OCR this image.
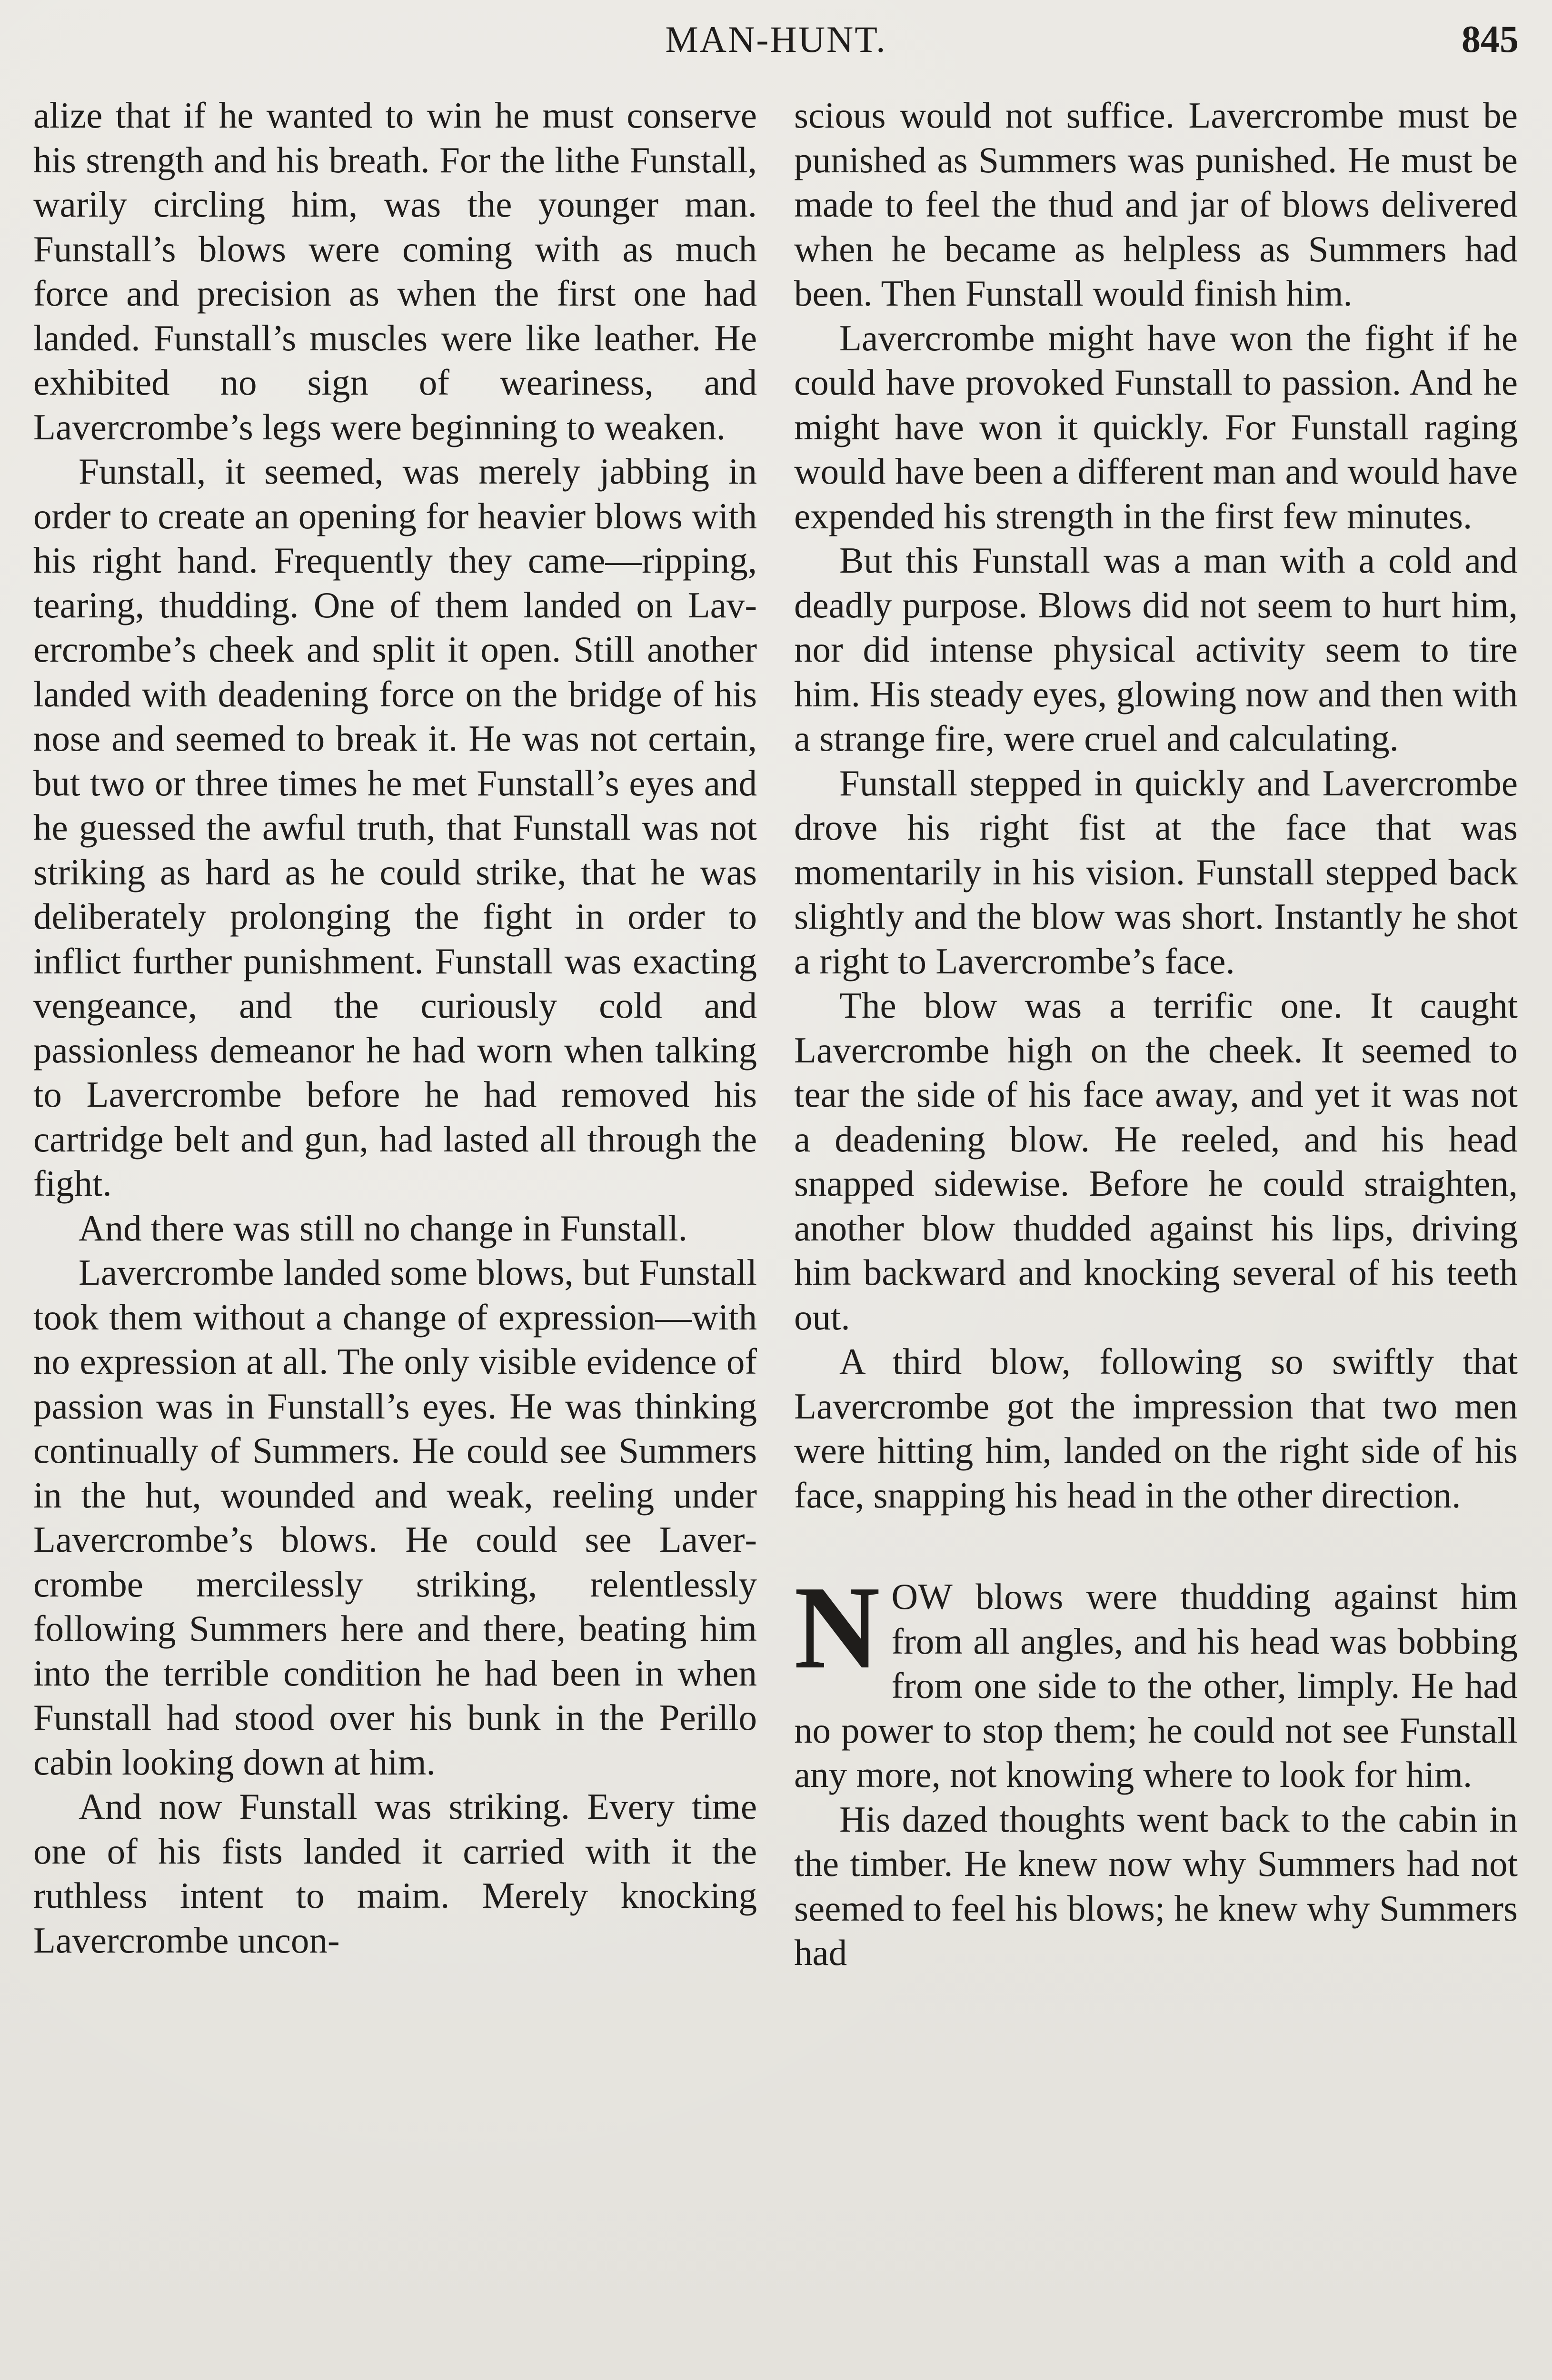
MAN-HUNT.	845

alize that if he wanted to win he must conserve his strength and his breath. For the lithe Funstall, warily circling him, was the younger man. Funstall’s blows were coming with as much force and precision as when the first one had landed. Funstall’s muscles were like leather. He exhibited no sign of weariness, and Lavercrombe’s legs were beginning to weaken.

Funstall, it seemed, was merely jabbing in order to create an opening for heavier blows with his right hand. Frequently they came—ripping, tearing, thudding. One of them landed on Lavercrombe’s cheek and split it open. Still another landed with deadening force on the bridge of his nose and seemed to break it. He was not certain, but two or three times he met Funstall’s eyes and he guessed the awful truth, that Funstall was not striking as hard as he could strike, that he was deliberately prolonging the fight in order to inflict further punishment. Funstall was exacting vengeance, and the curiously cold and passionless demeanor he had worn when talking to Lavercrombe before he had removed his cartridge belt and gun, had lasted all through the fight.

And there was still no change in Funstall.

Lavercrombe landed some blows, but Funstall took them without a change of expression—with no expression at all. The only visible evidence of passion was in Funstall’s eyes. He was thinking continually of Summers. He could see Summers in the hut, wounded and weak, reeling under Lavercrombe’s blows. He could see Lavercrombe mercilessly striking, relentlessly following Summers here and there, beating him into the terrible condition he had been in when Funstall had stood over his bunk in the Perillo cabin looking down at him.

And now Funstall was striking. Every time one of his fists landed it carried with it the ruthless intent to maim. Merely knocking Lavercrombe uncon-

scious would not suffice. Lavercrombe must be punished as Summers was punished. He must be made to feel the thud and jar of blows delivered when he became as helpless as Summers had been. Then Funstall would finish him.

Lavercrombe might have won the fight if he could have provoked Funstall to passion. And he might have won it quickly. For Funstall raging would have been a different man and would have expended his strength in the first few minutes.

But this Funstall was a man with a cold and deadly purpose. Blows did not seem to hurt him, nor did intense physical activity seem to tire him. His steady eyes, glowing now and then with a strange fire, were cruel and calculating.

Funstall stepped in quickly and Lavercrombe drove his right fist at the face that was momentarily in his vision. Funstall stepped back slightly and the blow was short. Instantly he shot a right to Lavercrombe’s face.

The blow was a terrific one. It caught Lavercrombe high on the cheek. It seemed to tear the side of his face away, and yet it was not a deadening blow. He reeled, and his head snapped sidewise. Before he could straighten, another blow thudded against his lips, driving him backward and knocking several of his teeth out.

A third blow, following so swiftly that Lavercrombe got the impression that two men were hitting him, landed on the right side of his face, snapping his head in the other direction.

NOW blows were thudding against him from all angles, and his head was bobbing from one side to the other, limply. He had no power to stop them; he could not see Funstall any more, not knowing where to look for him.

His dazed thoughts went back to the cabin in the timber. He knew now why Summers had not seemed to feel his blows; he knew why Summers had
